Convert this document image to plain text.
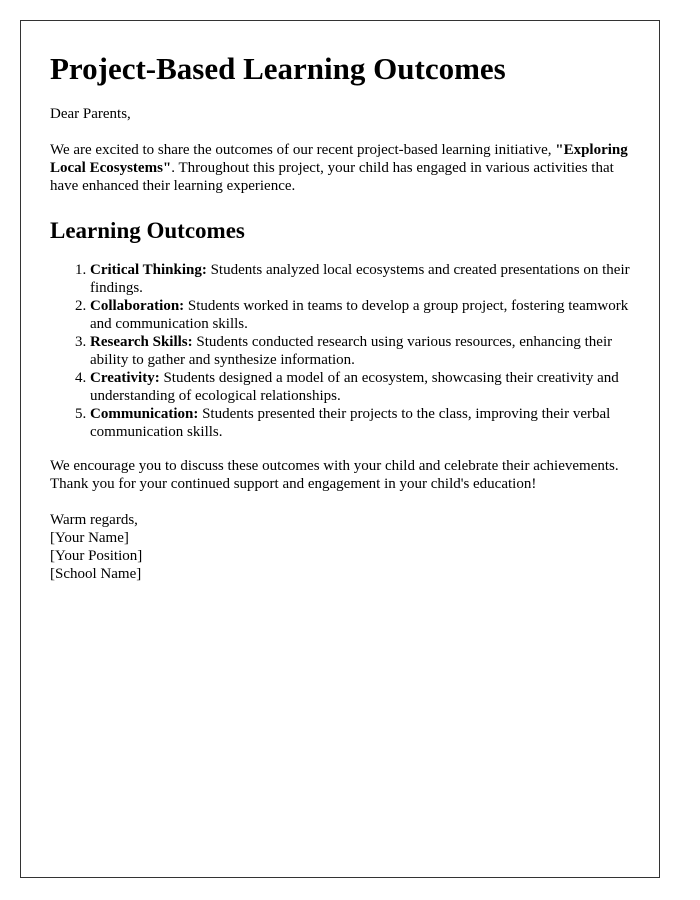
Project-Based Learning Outcomes

Dear Parents,

We are excited to share the outcomes of our recent project-based learning initiative, "Exploring Local Ecosystems". Throughout this project, your child has engaged in various activities that have enhanced their learning experience.

Learning Outcomes
1. Critical Thinking: Students analyzed local ecosystems and created presentations on their findings.
2. Collaboration: Students worked in teams to develop a group project, fostering teamwork and communication skills.
3. Research Skills: Students conducted research using various resources, enhancing their ability to gather and synthesize information.
4. Creativity: Students designed a model of an ecosystem, showcasing their creativity and understanding of ecological relationships.
5. Communication: Students presented their projects to the class, improving their verbal communication skills.

We encourage you to discuss these outcomes with your child and celebrate their achievements. Thank you for your continued support and engagement in your child's education!

Warm regards,
[Your Name]
[Your Position]
[School Name]
